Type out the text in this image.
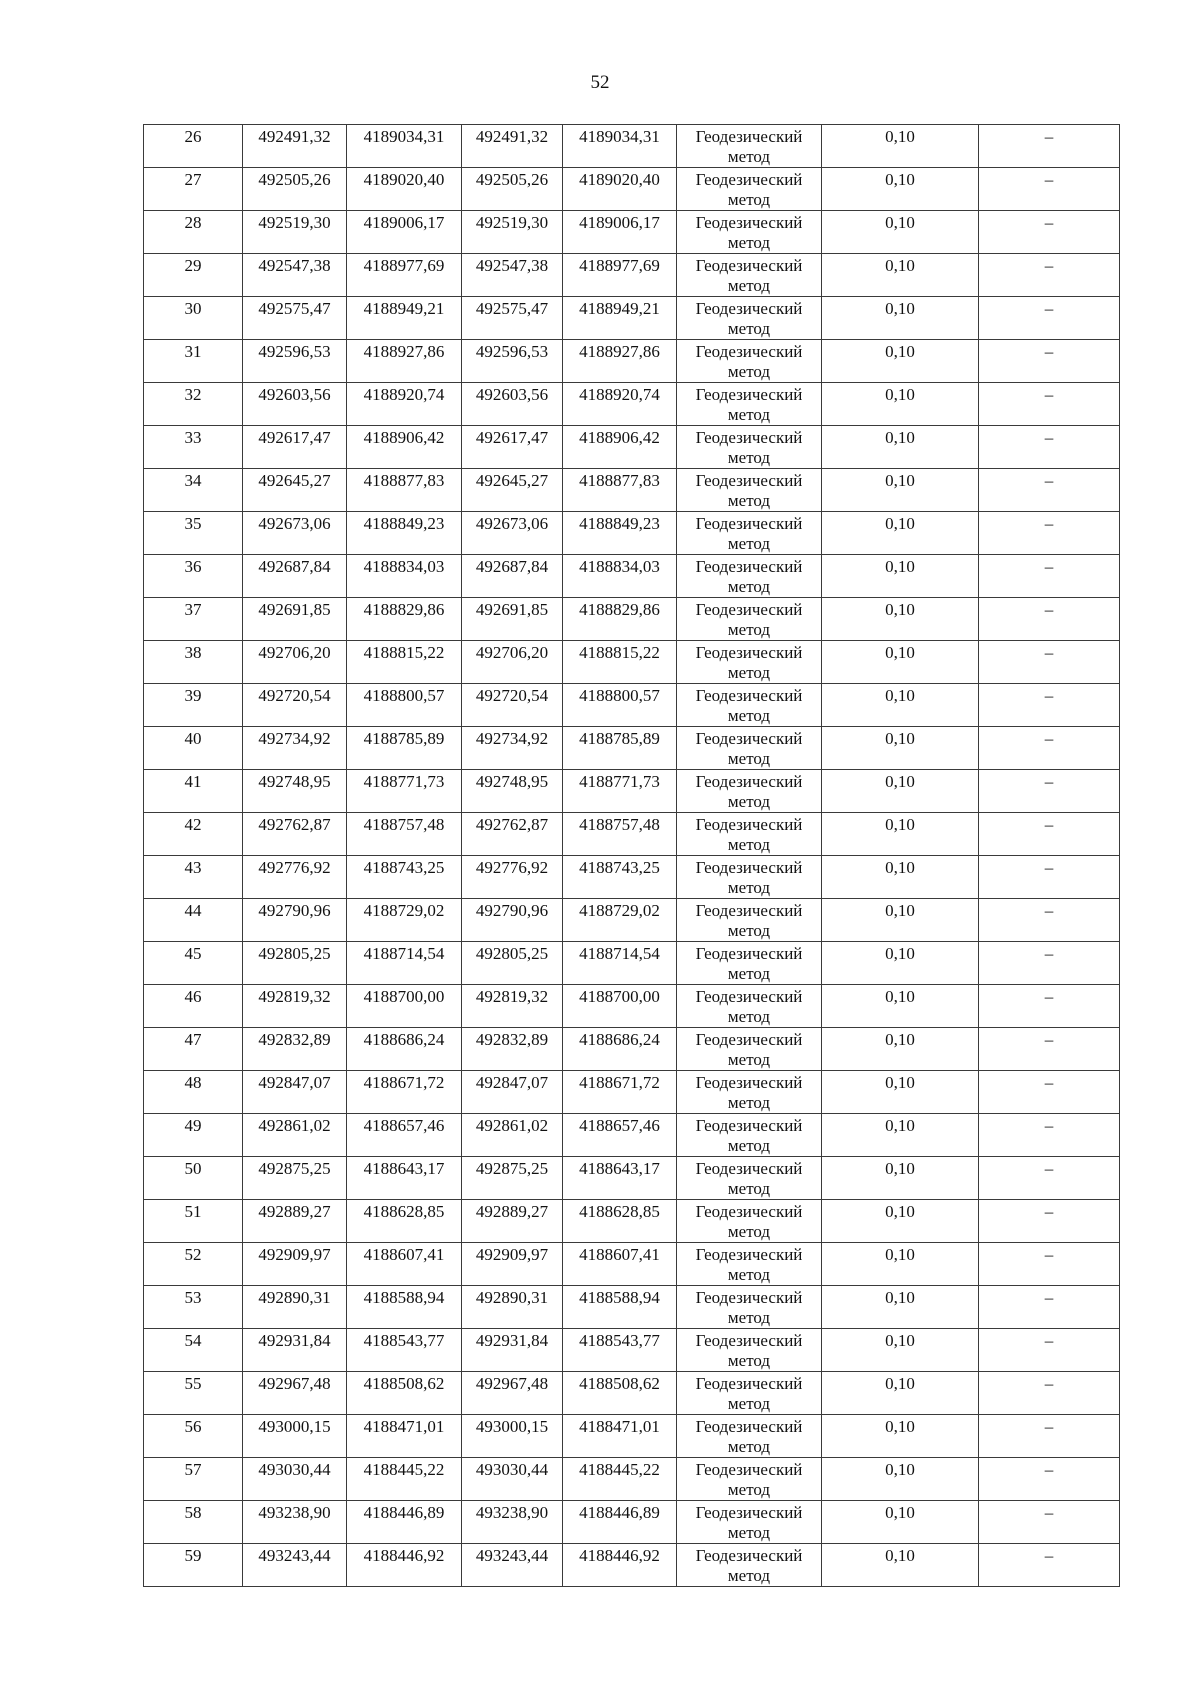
52
26	492491,32	4189034,31	492491,32	4189034,31	Геодезический метод	0,10	–

27	492505,26	4189020,40	492505,26	4189020,40	Геодезический метод	0,10	–

28	492519,30	4189006,17	492519,30	4189006,17	Геодезический метод	0,10	–

29	492547,38	4188977,69	492547,38	4188977,69	Геодезический метод	0,10	–

30	492575,47	4188949,21	492575,47	4188949,21	Геодезический метод	0,10	–

31	492596,53	4188927,86	492596,53	4188927,86	Геодезический метод	0,10	–

32	492603,56	4188920,74	492603,56	4188920,74	Геодезический метод	0,10	–

33	492617,47	4188906,42	492617,47	4188906,42	Геодезический метод	0,10	–

34	492645,27	4188877,83	492645,27	4188877,83	Геодезический метод	0,10	–

35	492673,06	4188849,23	492673,06	4188849,23	Геодезический метод	0,10	–

36	492687,84	4188834,03	492687,84	4188834,03	Геодезический метод	0,10	–

37	492691,85	4188829,86	492691,85	4188829,86	Геодезический метод	0,10	–

38	492706,20	4188815,22	492706,20	4188815,22	Геодезический метод	0,10	–

39	492720,54	4188800,57	492720,54	4188800,57	Геодезический метод	0,10	–

40	492734,92	4188785,89	492734,92	4188785,89	Геодезический метод	0,10	–

41	492748,95	4188771,73	492748,95	4188771,73	Геодезический метод	0,10	–

42	492762,87	4188757,48	492762,87	4188757,48	Геодезический метод	0,10	–

43	492776,92	4188743,25	492776,92	4188743,25	Геодезический метод	0,10	–

44	492790,96	4188729,02	492790,96	4188729,02	Геодезический метод	0,10	–

45	492805,25	4188714,54	492805,25	4188714,54	Геодезический метод	0,10	–

46	492819,32	4188700,00	492819,32	4188700,00	Геодезический метод	0,10	–

47	492832,89	4188686,24	492832,89	4188686,24	Геодезический метод	0,10	–

48	492847,07	4188671,72	492847,07	4188671,72	Геодезический метод	0,10	–

49	492861,02	4188657,46	492861,02	4188657,46	Геодезический метод	0,10	–

50	492875,25	4188643,17	492875,25	4188643,17	Геодезический метод	0,10	–

51	492889,27	4188628,85	492889,27	4188628,85	Геодезический метод	0,10	–

52	492909,97	4188607,41	492909,97	4188607,41	Геодезический метод	0,10	–

53	492890,31	4188588,94	492890,31	4188588,94	Геодезический метод	0,10	–

54	492931,84	4188543,77	492931,84	4188543,77	Геодезический метод	0,10	–

55	492967,48	4188508,62	492967,48	4188508,62	Геодезический метод	0,10	–

56	493000,15	4188471,01	493000,15	4188471,01	Геодезический метод	0,10	–

57	493030,44	4188445,22	493030,44	4188445,22	Геодезический метод	0,10	–

58	493238,90	4188446,89	493238,90	4188446,89	Геодезический метод	0,10	–

59	493243,44	4188446,92	493243,44	4188446,92	Геодезический метод	0,10	–
